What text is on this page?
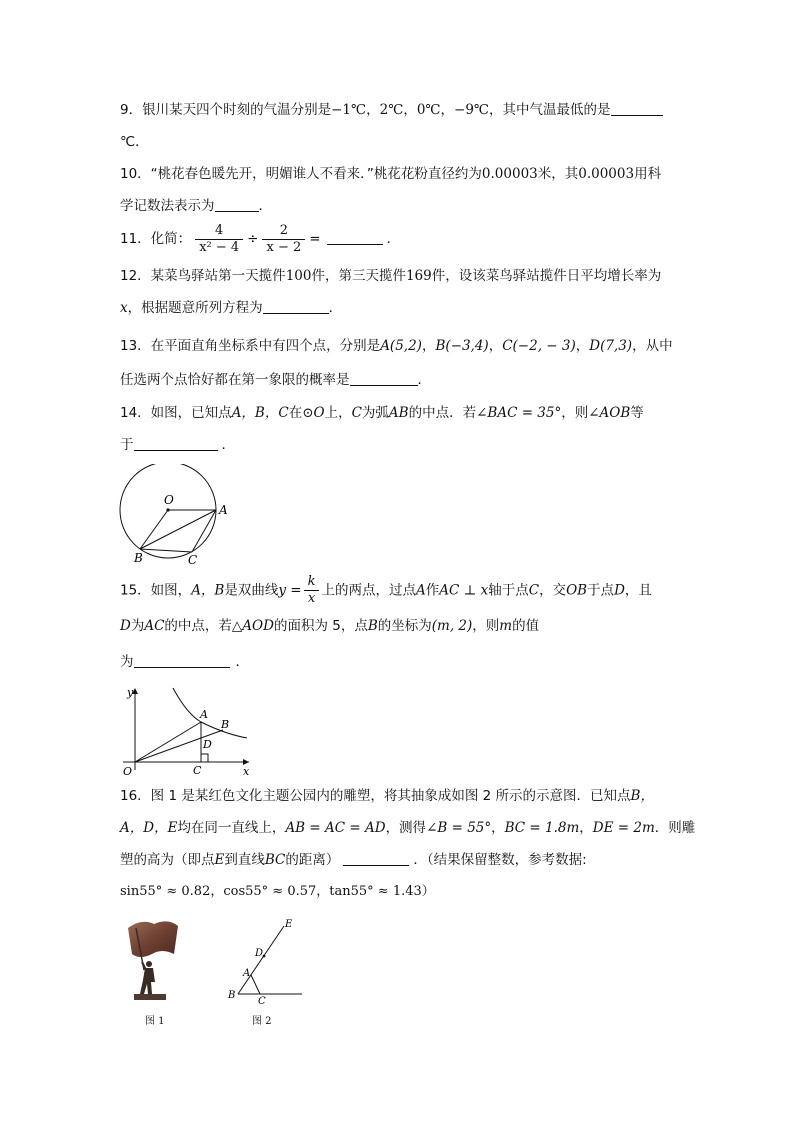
9．银川某天四个时刻的气温分别是−1℃，2℃，0℃，−9℃，其中气温最低的是
℃．
10．“桃花春色暖先开，明媚谁人不看来．”桃花花粉直径约为0.00003米，其0.00003用科
学记数法表示为	．
11．化简： $\frac{4}{\text{x² − 4}} \div \frac{2}{x - 2}$ =	．
12．某菜鸟驿站第一天揽件100件，第三天揽件169件，设该菜鸟驿站揽件日平均增长率为
x，根据题意所列方程为	．
13．在平面直角坐标系中有四个点，分别是A(5,2)，B(−3,4)，C(−2, − 3)，D(7,3)，从中
任选两个点恰好都在第一象限的概率是	．
14．如图，已知点A，B，C在⊙O上，C为弧AB的中点．若∠BAC = 35°，则∠AOB等
于	．
O
A
B	C
15．如图，A，B是双曲线$y = \frac{k}{x}$ 上的两点，过点A作AC ⊥ x轴于点C，交OB于点D，且
D为AC的中点，若△AOD的面积为 5，点B的坐标为(m, 2)，则m的值
为	．
y
x
O
A
B
C
D
16．图 1 是某红色文化主题公园内的雕塑，将其抽象成如图 2 所示的示意图．已知点B，
A，D，E均在同一直线上，AB = AC = AD，测得∠B = 55°，BC = 1.8m，DE = 2m．则雕
塑的高为（即点E到直线BC的距离）	．（结果保留整数，参考数据:
sin55° ≈ 0.82，cos55° ≈ 0.57，tan55° ≈ 1.43）
图 1
E
D
A
B
C
图 2
